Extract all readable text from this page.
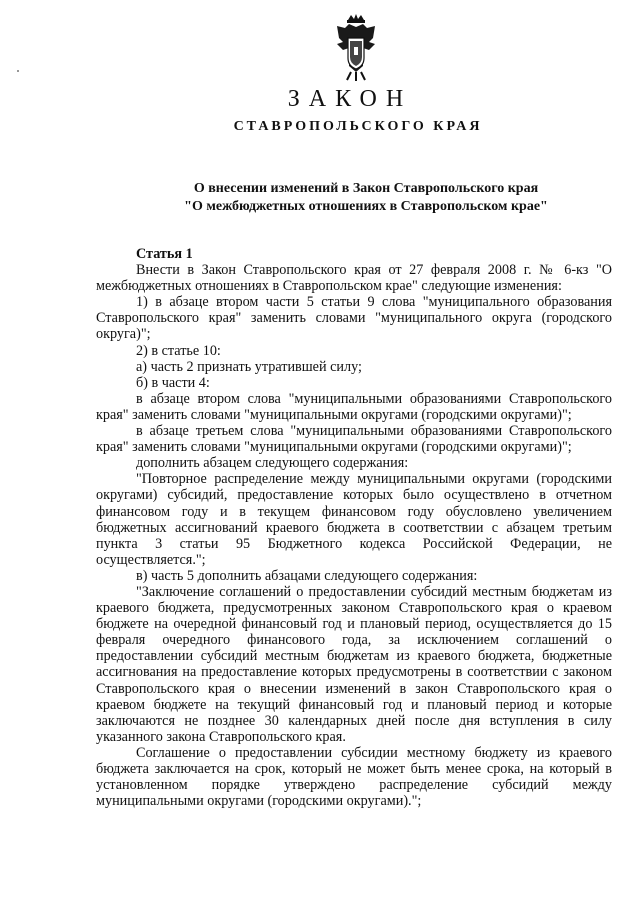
ЗАКОН
СТАВРОПОЛЬСКОГО КРАЯ
О внесении изменений в Закон Ставропольского края
"О межбюджетных отношениях в Ставропольском крае"

Статья 1

Внести в Закон Ставропольского края от 27 февраля 2008 г. № 6-кз "О межбюджетных отношениях в Ставропольском крае" следующие изменения:

1) в абзаце втором части 5 статьи 9 слова "муниципального образования Ставропольского края" заменить словами "муниципального округа (городского округа)";

2) в статье 10:

а) часть 2 признать утратившей силу;

б) в части 4:

в абзаце втором слова "муниципальными образованиями Ставропольского края" заменить словами "муниципальными округами (городскими округами)";

в абзаце третьем слова "муниципальными образованиями Ставропольского края" заменить словами "муниципальными округами (городскими округами)";

дополнить абзацем следующего содержания:

"Повторное распределение между муниципальными округами (городскими округами) субсидий, предоставление которых было осуществлено в отчетном финансовом году и в текущем финансовом году обусловлено увеличением бюджетных ассигнований краевого бюджета в соответствии с абзацем третьим пункта 3 статьи 95 Бюджетного кодекса Российской Федерации, не осуществляется.";

в) часть 5 дополнить абзацами следующего содержания:

"Заключение соглашений о предоставлении субсидий местным бюджетам из краевого бюджета, предусмотренных законом Ставропольского края о краевом бюджете на очередной финансовый год и плановый период, осуществляется до 15 февраля очередного финансового года, за исключением соглашений о предоставлении субсидий местным бюджетам из краевого бюджета, бюджетные ассигнования на предоставление которых предусмотрены в соответствии с законом Ставропольского края о внесении изменений в закон Ставропольского края о краевом бюджете на текущий финансовый год и плановый период и которые заключаются не позднее 30 календарных дней после дня вступления в силу указанного закона Ставропольского края.

Соглашение о предоставлении субсидии местному бюджету из краевого бюджета заключается на срок, который не может быть менее срока, на который в установленном порядке утверждено распределение субсидий между муниципальными округами (городскими округами).";
